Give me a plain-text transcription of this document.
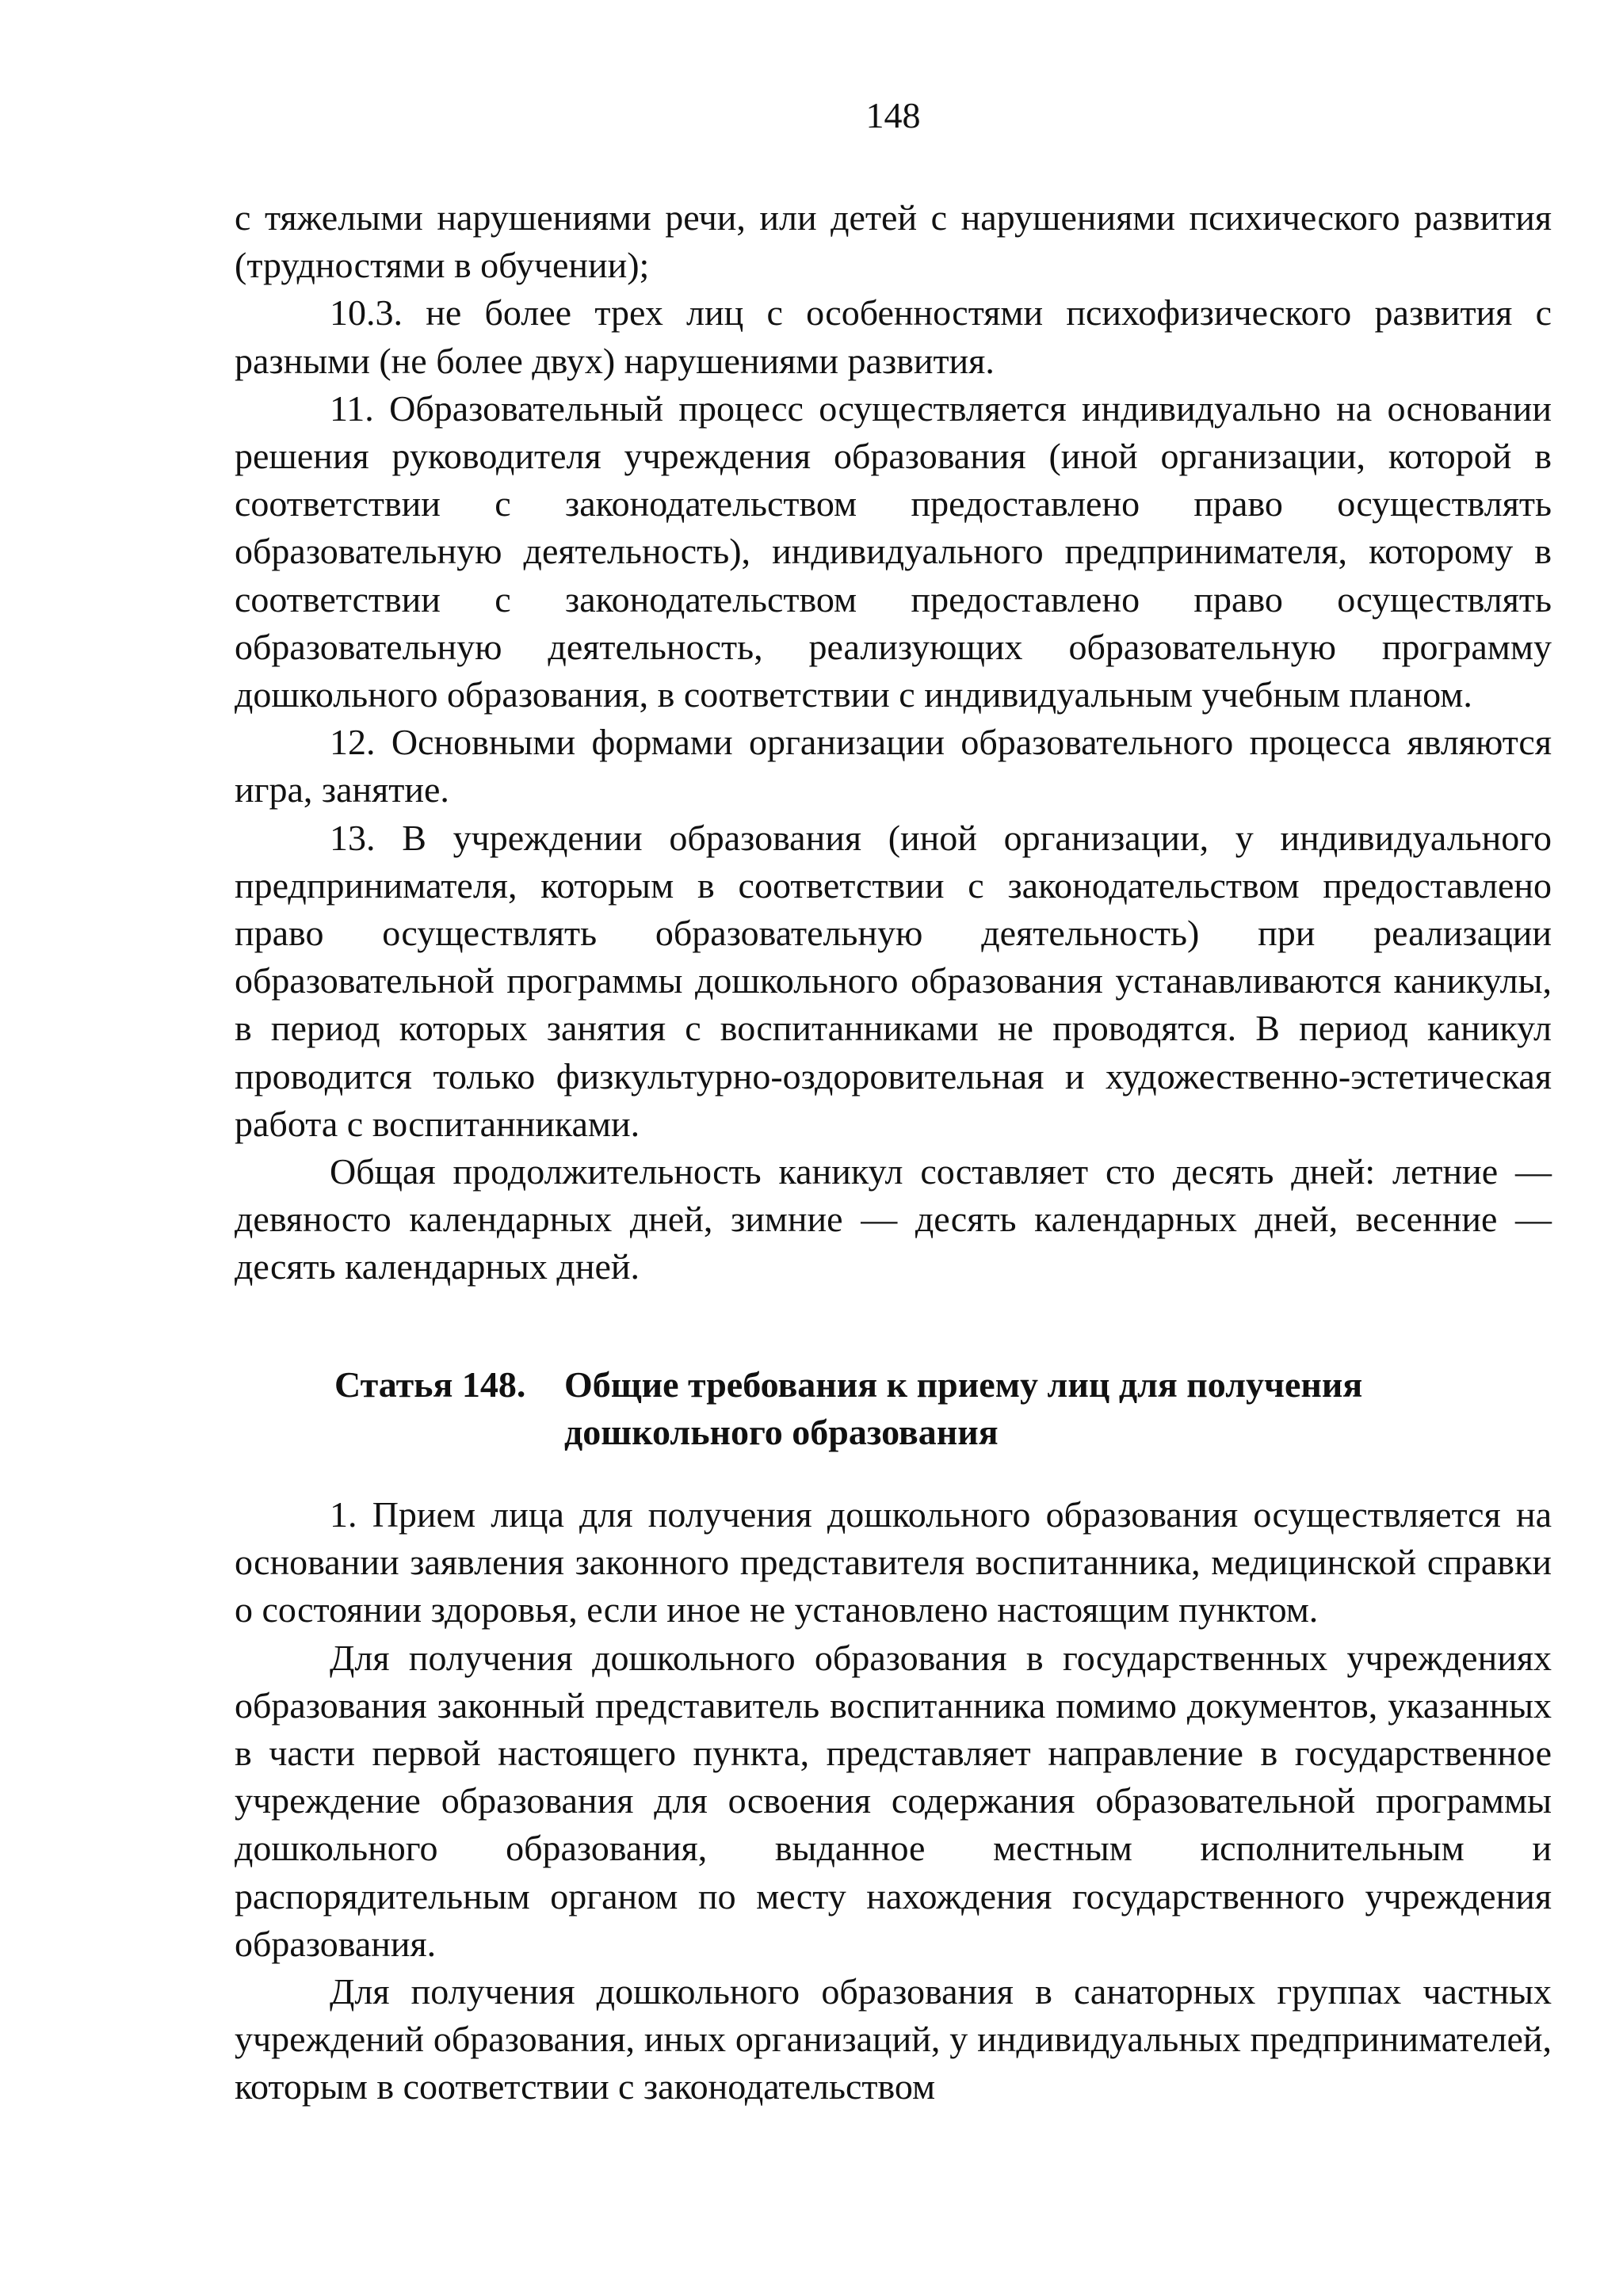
148

с тяжелыми нарушениями речи, или детей с нарушениями психического развития (трудностями в обучении);

10.3. не более трех лиц с особенностями психофизического развития с разными (не более двух) нарушениями развития.

11. Образовательный процесс осуществляется индивидуально на основании решения руководителя учреждения образования (иной организации, которой в соответствии с законодательством предоставлено право осуществлять образовательную деятельность), индивидуального предпринимателя, которому в соответствии с законодательством предоставлено право осуществлять образовательную деятельность, реализующих образовательную программу дошкольного образования, в соответствии с индивидуальным учебным планом.

12. Основными формами организации образовательного процесса являются игра, занятие.

13. В учреждении образования (иной организации, у индивидуального предпринимателя, которым в соответствии с законодательством предоставлено право осуществлять образовательную деятельность) при реализации образовательной программы дошкольного образования устанавливаются каникулы, в период которых занятия с воспитанниками не проводятся. В период каникул проводится только физкультурно-оздоровительная и художественно-эстетическая работа с воспитанниками.

Общая продолжительность каникул составляет сто десять дней: летние — девяносто календарных дней, зимние — десять календарных дней, весенние — десять календарных дней.

Статья 148.	Общие требования к приему лиц для получения дошкольного образования

1. Прием лица для получения дошкольного образования осуществляется на основании заявления законного представителя воспитанника, медицинской справки о состоянии здоровья, если иное не установлено настоящим пунктом.

Для получения дошкольного образования в государственных учреждениях образования законный представитель воспитанника помимо документов, указанных в части первой настоящего пункта, представляет направление в государственное учреждение образования для освоения содержания образовательной программы дошкольного образования, выданное местным исполнительным и распорядительным органом по месту нахождения государственного учреждения образования.

Для получения дошкольного образования в санаторных группах частных учреждений образования, иных организаций, у индивидуальных предпринимателей, которым в соответствии с законодательством
